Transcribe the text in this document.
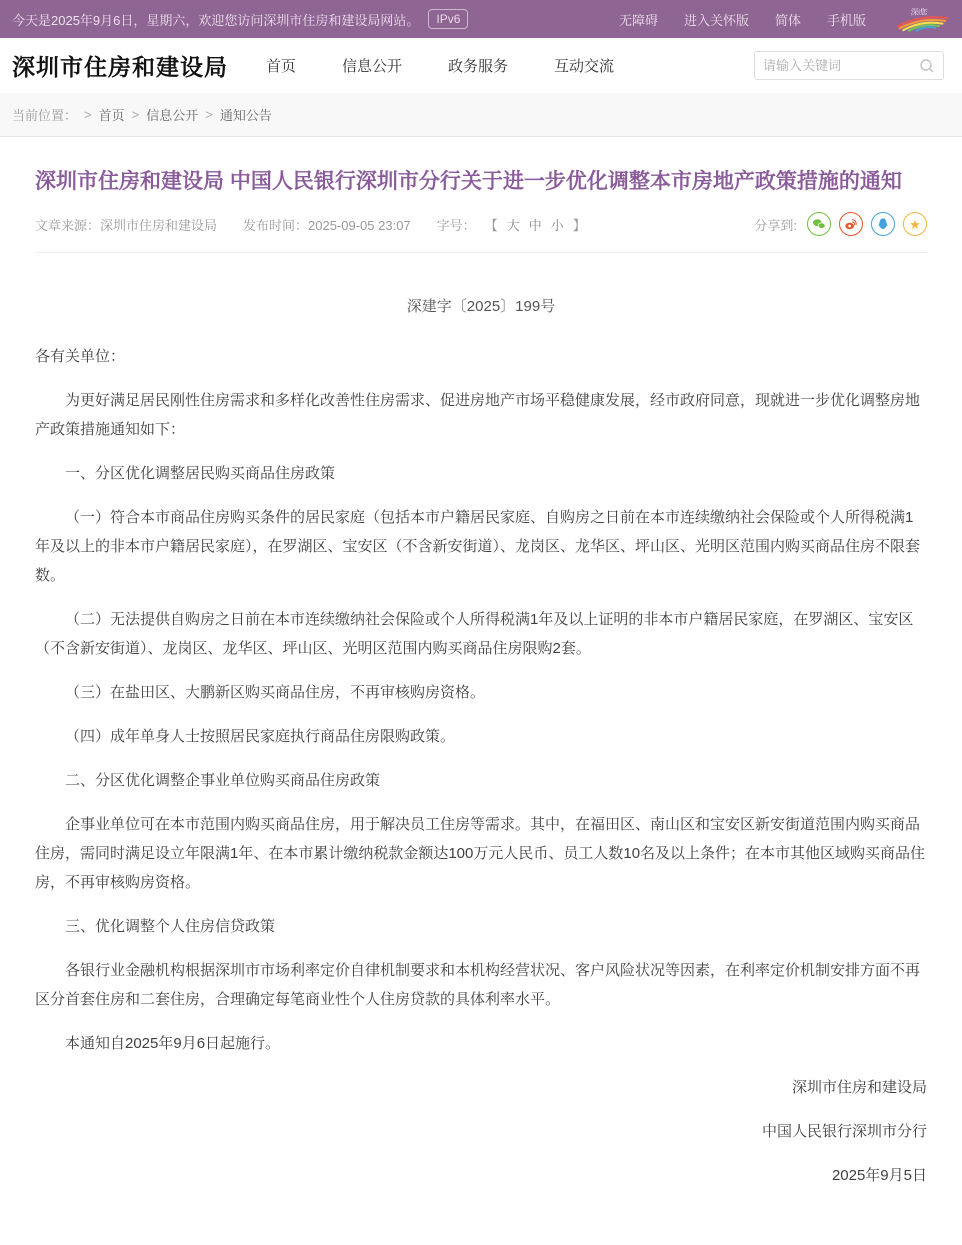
今天是2025年9月6日，星期六，欢迎您访问深圳市住房和建设局网站。	IPv6	无障碍 进入关怀版 简体 手机版
深i您
深圳市住房和建设局	首页	信息公开	政务服务	互动交流
请输入关键词
当前位置： > 首页 > 信息公开 > 通知公告
深圳市住房和建设局 中国人民银行深圳市分行关于进一步优化调整本市房地产政策措施的通知
文章来源：深圳市住房和建设局 发布时间：2025-09-05 23:07 字号： 【 大 中 小 】	分享到:	★
深建字〔2025〕199号

各有关单位：

为更好满足居民刚性住房需求和多样化改善性住房需求、促进房地产市场平稳健康发展，经市政府同意，现就进一步优化调整房地产政策措施通知如下：

一、分区优化调整居民购买商品住房政策

（一）符合本市商品住房购买条件的居民家庭（包括本市户籍居民家庭、自购房之日前在本市连续缴纳社会保险或个人所得税满1年及以上的非本市户籍居民家庭），在罗湖区、宝安区（不含新安街道）、龙岗区、龙华区、坪山区、光明区范围内购买商品住房不限套数。

（二）无法提供自购房之日前在本市连续缴纳社会保险或个人所得税满1年及以上证明的非本市户籍居民家庭，在罗湖区、宝安区（不含新安街道）、龙岗区、龙华区、坪山区、光明区范围内购买商品住房限购2套。

（三）在盐田区、大鹏新区购买商品住房，不再审核购房资格。

（四）成年单身人士按照居民家庭执行商品住房限购政策。

二、分区优化调整企事业单位购买商品住房政策

企事业单位可在本市范围内购买商品住房，用于解决员工住房等需求。其中，在福田区、南山区和宝安区新安街道范围内购买商品住房，需同时满足设立年限满1年、在本市累计缴纳税款金额达100万元人民币、员工人数10名及以上条件；在本市其他区域购买商品住房，不再审核购房资格。

三、优化调整个人住房信贷政策

各银行业金融机构根据深圳市市场利率定价自律机制要求和本机构经营状况、客户风险状况等因素，在利率定价机制安排方面不再区分首套住房和二套住房，合理确定每笔商业性个人住房贷款的具体利率水平。

本通知自2025年9月6日起施行。

深圳市住房和建设局

中国人民银行深圳市分行

2025年9月5日
